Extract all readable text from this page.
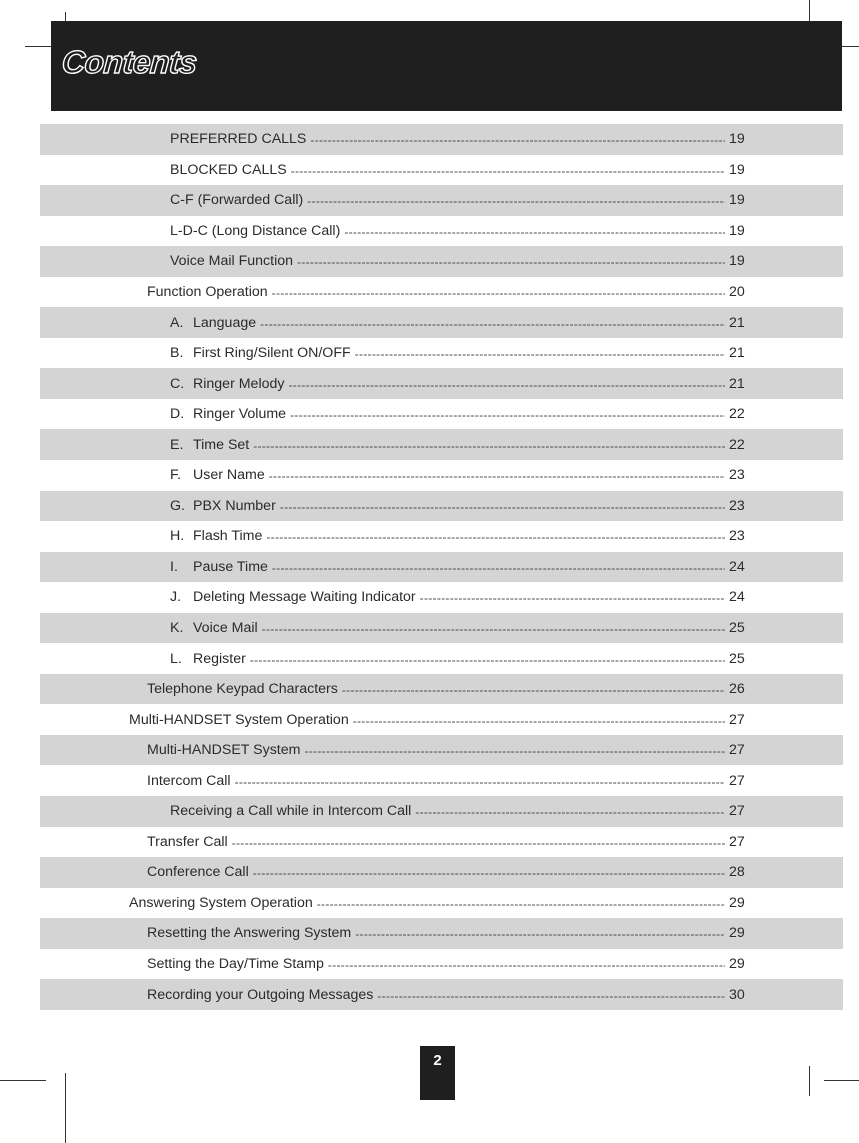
Contents
PREFERRED CALLS -----	19
BLOCKED CALLS -----	19
C-F (Forwarded Call) -----	19
L-D-C (Long Distance Call) -----	19
Voice Mail Function -----	19
Function Operation -----	20
A. Language -----	21
B. First Ring/Silent ON/OFF -----	21
C. Ringer Melody -----	21
D. Ringer Volume -----	22
E. Time Set -----	22
F. User Name -----	23
G. PBX Number -----	23
H. Flash Time -----	23
I. Pause Time -----	24
J. Deleting Message Waiting Indicator -----	24
K. Voice Mail -----	25
L. Register -----	25
Telephone Keypad Characters -----	26
Multi-HANDSET System Operation -----	27
Multi-HANDSET System -----	27
Intercom Call -----	27
Receiving a Call while in Intercom Call -----	27
Transfer Call -----	27
Conference Call -----	28
Answering System Operation -----	29
Resetting the Answering System -----	29
Setting the Day/Time Stamp -----	29
Recording your Outgoing Messages -----	30
2
